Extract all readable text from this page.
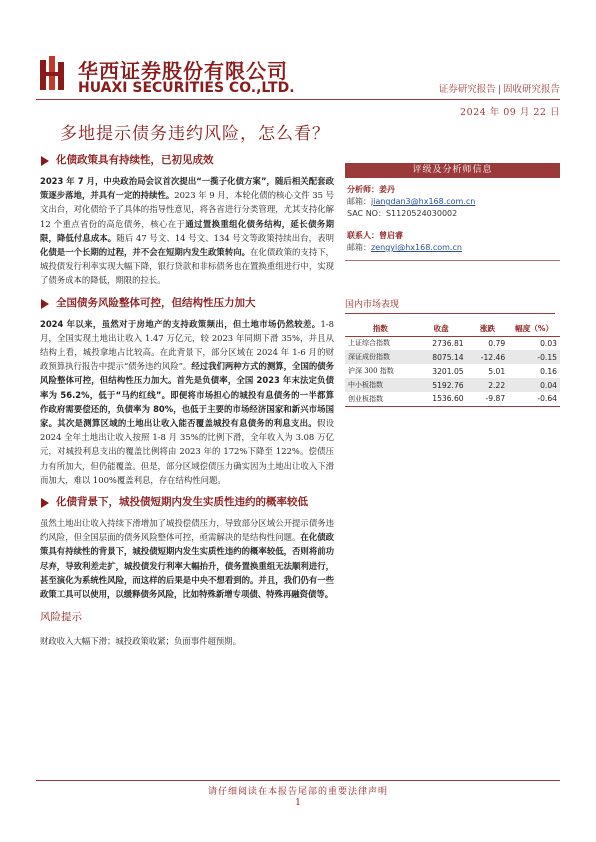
华西证券股份有限公司
HUAXI SECURITIES CO.,LTD.	证券研究报告 | 固收研究报告
2024 年 09 月 22 日
多地提示债务违约风险，怎么看？
化债政策具有持续性，已初见成效

2023 年 7 月，中央政治局会议首次提出“一揽子化债方案”，随后相关配套政策逐步落地，并具有一定的持续性。2023 年 9 月，本轮化债的核心文件 35 号文出台，对化债给予了具体的指导性意见，将各省进行分类管理，尤其支持化解 12 个重点省份的高危债务，核心在于通过置换重组化债务结构，延长债务期限，降低付息成本。随后 47 号文、14 号文、134 号文等政策持续出台，表明化债是一个长期的过程，并不会在短期内发生政策转向。在化债政策的支持下，城投债发行利率实现大幅下降，银行贷款和非标债务也在置换重组进行中，实现了债务成本的降低，期限的拉长。

全国债务风险整体可控，但结构性压力加大

2024 年以来，虽然对于房地产的支持政策频出，但土地市场仍然较差。1-8 月，全国实现土地出让收入 1.47 万亿元，较 2023 年同期下滑 35%，并且从结构上看，城投拿地占比较高。在此背景下，部分区域在 2024 年 1-6 月的财政预算执行报告中提示“债务违约风险”。经过我们两种方式的测算，全国的债务风险整体可控，但结构性压力加大。首先是负债率，全国 2023 年末法定负债率为 56.2%，低于“马约红线”。即便将市场担心的城投有息债务的一半都算作政府需要偿还的，负债率为 80%，也低于主要的市场经济国家和新兴市场国家。其次是测算区域的土地出让收入能否覆盖城投有息债务的利息支出。假设 2024 全年土地出让收入按照 1-8 月 35%的比例下滑，全年收入为 3.08 万亿元，对城投利息支出的覆盖比例将由 2023 年的 172%下降至 122%。偿债压力有所加大，但仍能覆盖。但是，部分区域偿债压力确实因为土地出让收入下滑而加大，难以 100%覆盖利息，存在结构性问题。

化债背景下，城投债短期内发生实质性违约的概率较低

虽然土地出让收入持续下滑增加了城投偿债压力，导致部分区域公开提示债务违约风险，但全国层面的债务风险整体可控，亟需解决的是结构性问题。在化债政策具有持续性的背景下，城投债短期内发生实质性违约的概率较低，否则将前功尽弃，导致利差走扩，城投债发行利率大幅抬升，债务置换重组无法顺利进行，甚至演化为系统性风险，而这样的后果是中央不想看到的。并且，我们仍有一些政策工具可以使用，以缓释债务风险，比如特殊新增专项债、特殊再融资债等。

风险提示
财政收入大幅下滑；城投政策收紧；负面事件超预期。
评级及分析师信息
分析师：姜丹
邮箱：jiangdan3@hx168.com.cn
SAC NO：S1120524030002
联系人：曾启睿
邮箱：zengyi@hx168.com.cn
国内市场表现
指数	收盘	涨跌	幅度（%）
上证综合指数	2736.81	0.79	0.03
深证成份指数	8075.14	-12.46	-0.15
沪深 300 指数	3201.05	5.01	0.16
中小板指数	5192.76	2.22	0.04
创业板指数	1536.60	-9.87	-0.64
请仔细阅读在本报告尾部的重要法律声明
1
